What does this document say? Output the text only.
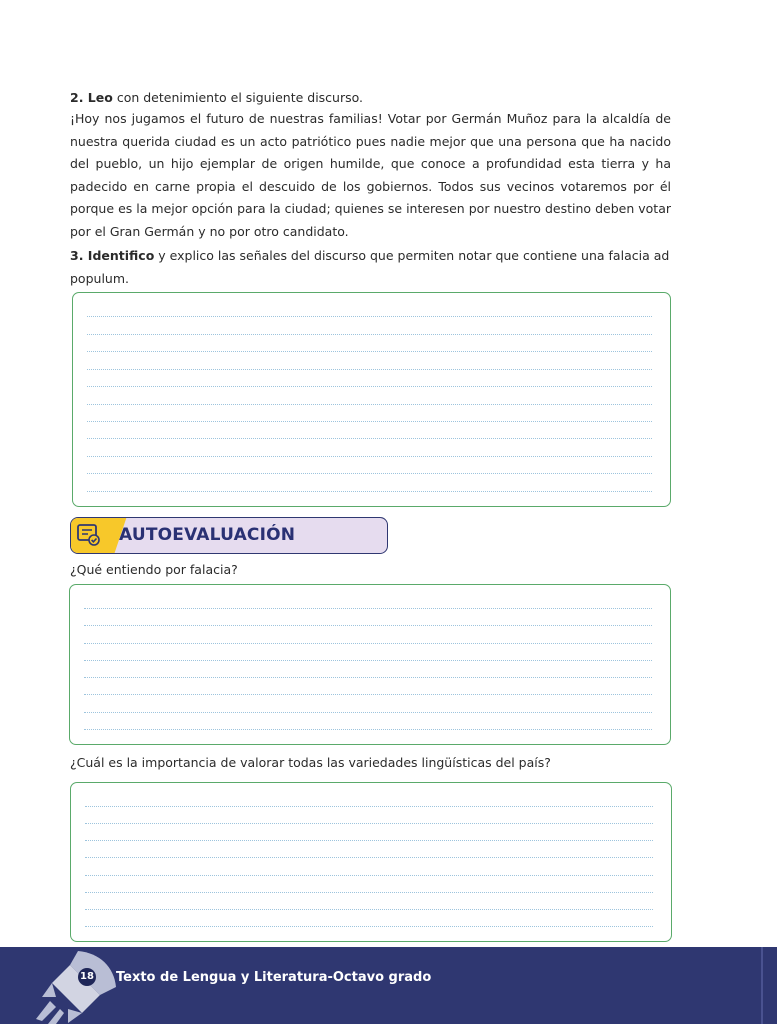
2. Leo con detenimiento el siguiente discurso.

¡Hoy nos jugamos el futuro de nuestras familias! Votar por Germán Muñoz para la alcaldía de nuestra querida ciudad es un acto patriótico pues nadie mejor que una persona que ha nacido del pueblo, un hijo ejemplar de origen humilde, que conoce a profundidad esta tierra y ha padecido en carne propia el descuido de los gobiernos. Todos sus vecinos votaremos por él porque es la mejor opción para la ciudad; quienes se interesen por nuestro destino deben votar por el Gran Germán y no por otro candidato.

3. Identifico y explico las señales del discurso que permiten notar que contiene una falacia ad populum.

AUTOEVALUACIÓN

¿Qué entiendo por falacia?

¿Cuál es la importancia de valorar todas las variedades lingüísticas del país?

18 Texto de Lengua y Literatura-Octavo grado
